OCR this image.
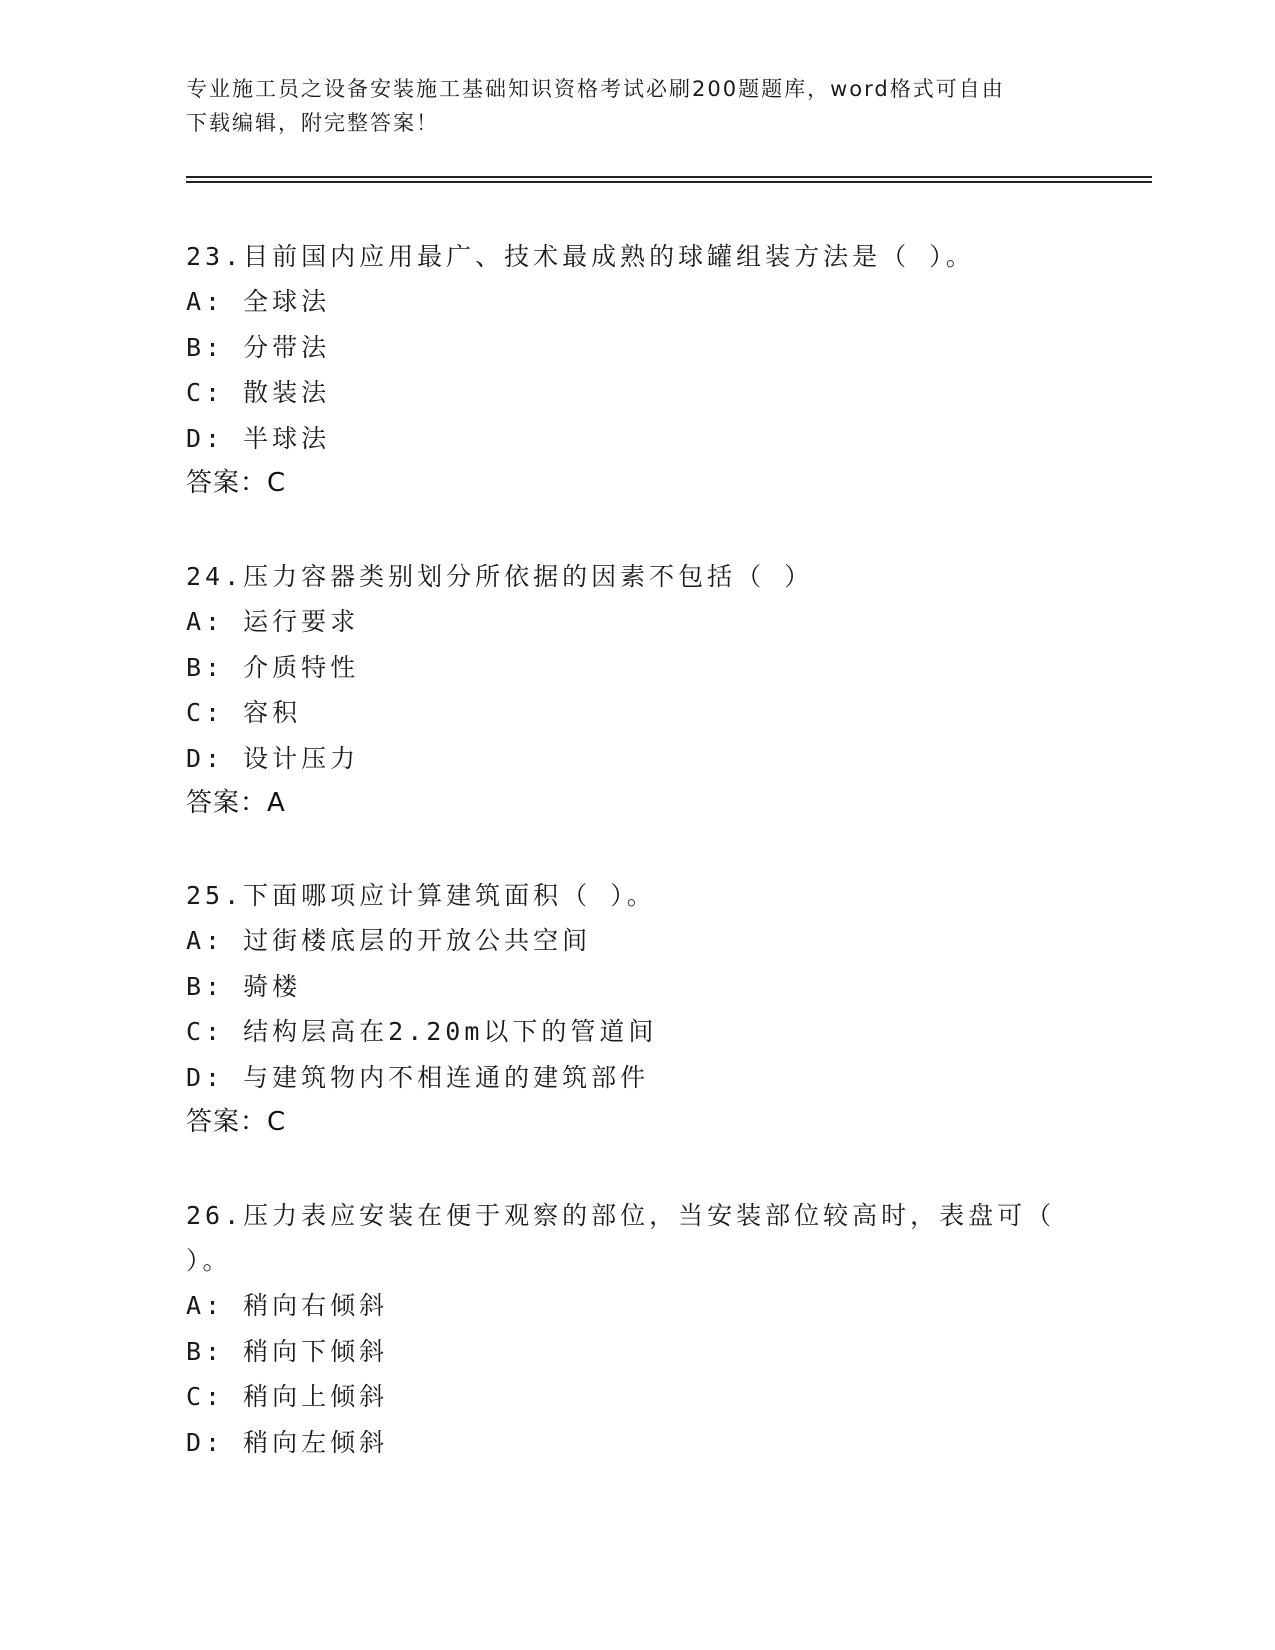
专业施工员之设备安装施工基础知识资格考试必刷200题题库，word格式可自由
下载编辑，附完整答案！
23.目前国内应用最广、技术最成熟的球罐组装方法是（ ）。
A: 全球法
B: 分带法
C: 散装法
D: 半球法
答案：C
24.压力容器类别划分所依据的因素不包括（ ）
A: 运行要求
B: 介质特性
C: 容积
D: 设计压力
答案：A
25.下面哪项应计算建筑面积（ ）。
A: 过街楼底层的开放公共空间
B: 骑楼
C: 结构层高在2.20m以下的管道间
D: 与建筑物内不相连通的建筑部件
答案：C
26.压力表应安装在便于观察的部位，当安装部位较高时，表盘可（
）。
A: 稍向右倾斜
B: 稍向下倾斜
C: 稍向上倾斜
D: 稍向左倾斜
